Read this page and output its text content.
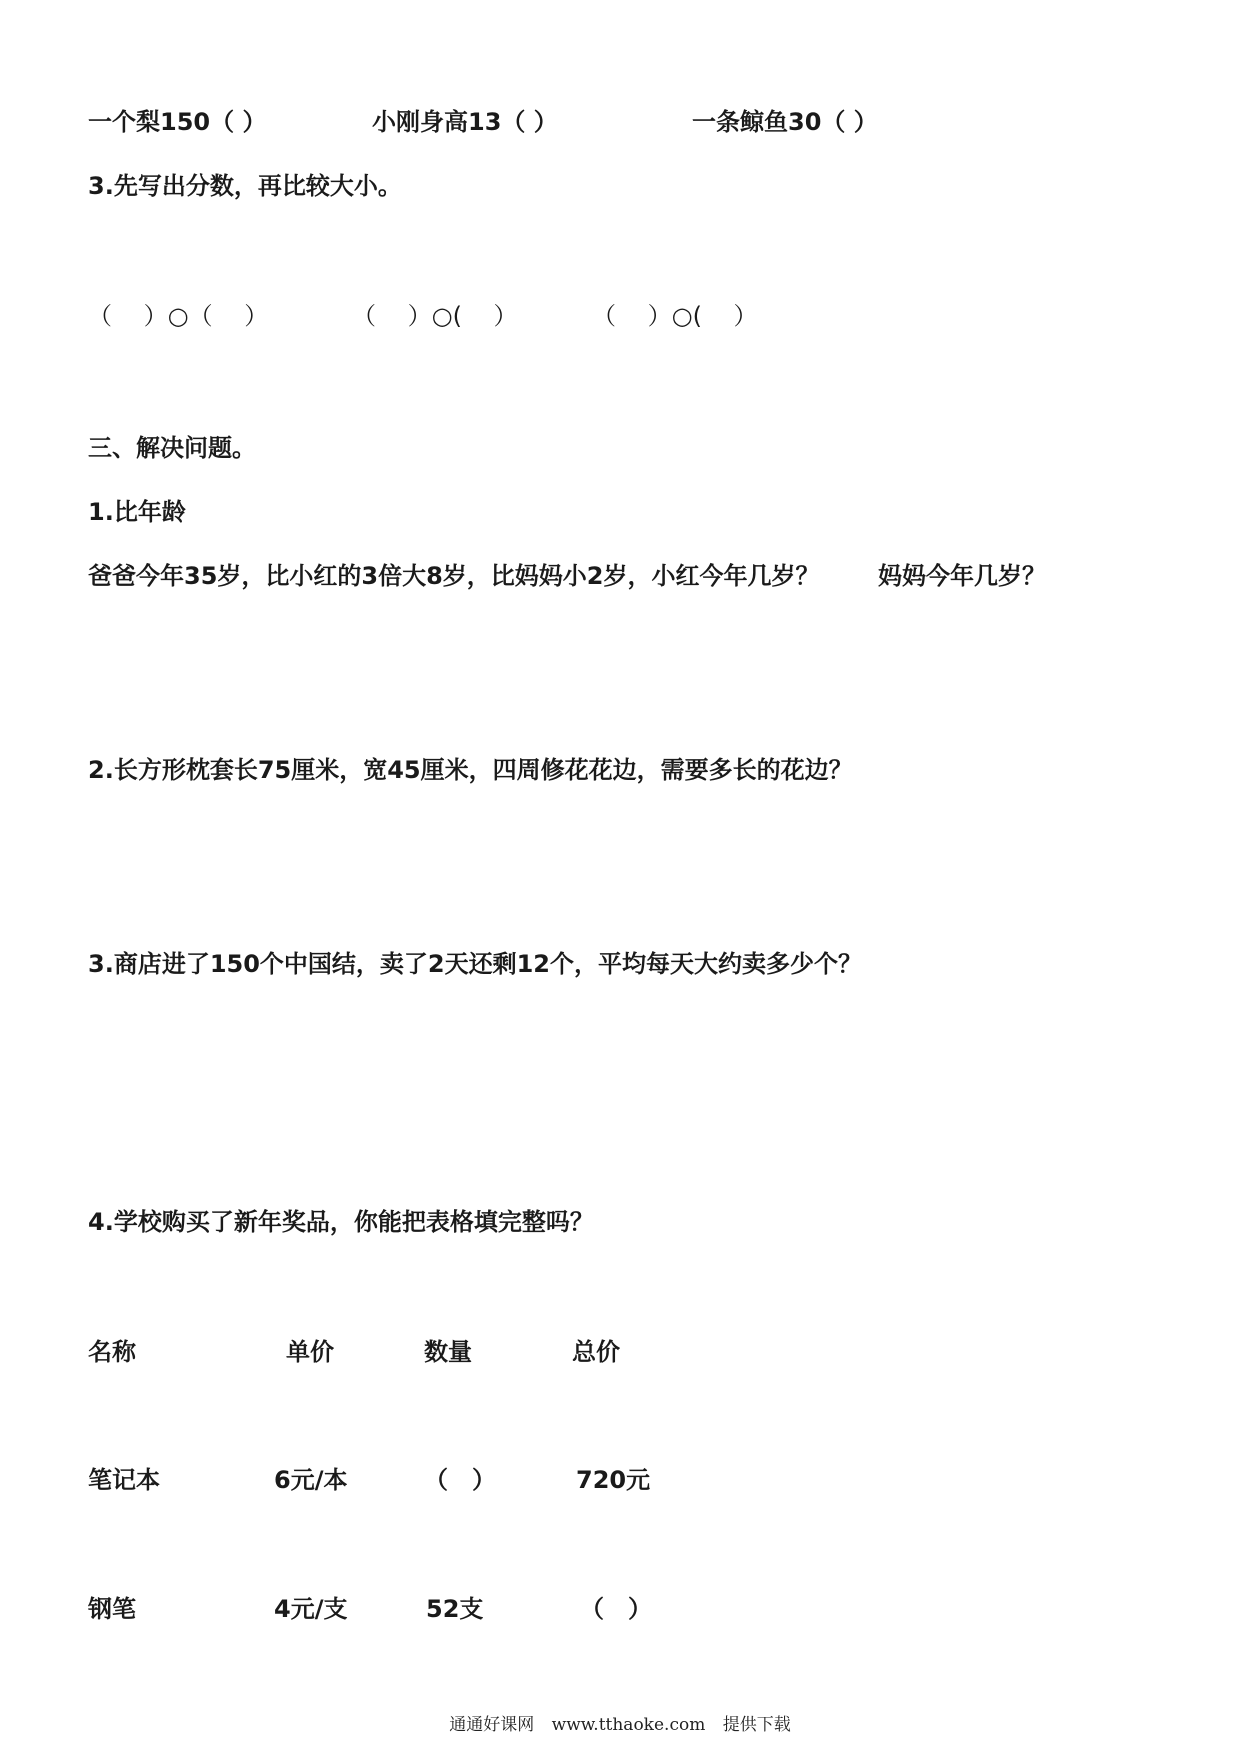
一个梨150（ ）	小刚身高13（ ）	一条鲸鱼30（ ）
3.先写出分数，再比较大小。
（　 ）○（　 ）	（　 ）○(　 ）	（　 ）○(　 ）
三、解决问题。
1.比年龄
爸爸今年35岁，比小红的3倍大8岁，比妈妈小2岁，小红今年几岁？ 妈妈今年几岁？
2.长方形枕套长75厘米，宽45厘米，四周修花花边，需要多长的花边？
3.商店进了150个中国结，卖了2天还剩12个，平均每天大约卖多少个？
4.学校购买了新年奖品，你能把表格填完整吗？
名称	单价	数量	总价
笔记本	6元/本	（　）	720元
钢笔	4元/支	52支	（　）
通通好课网 www.tthaoke.com 提供下载
